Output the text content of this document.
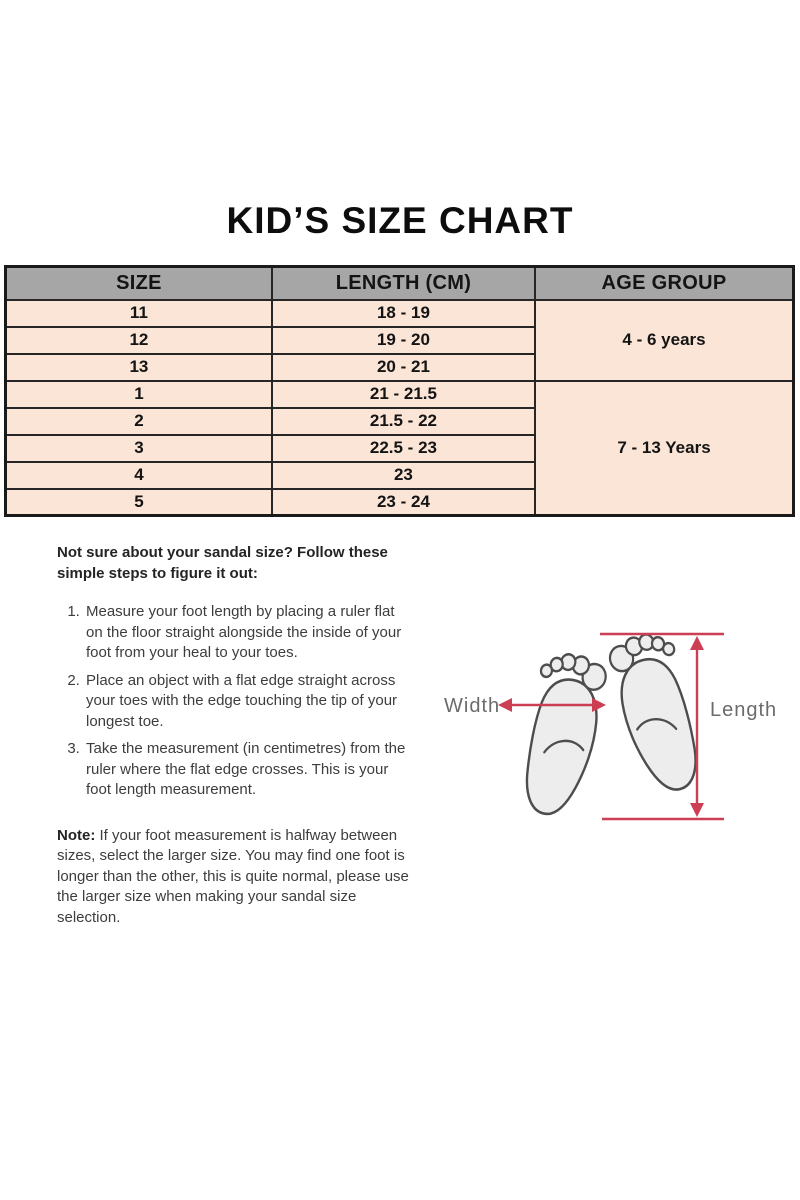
KID’S SIZE CHART
SIZE	LENGTH (CM)	AGE GROUP
11	18 - 19	4 - 6 years
12	19 - 20	
13	20 - 21	
1	21 - 21.5	7 - 13 Years
2	21.5 - 22	
3	22.5 - 23	
4	23	
5	23 - 24	

Not sure about your sandal size? Follow these simple steps to figure it out:

1. Measure your foot length by placing a ruler flat on the floor straight alongside the inside of your foot from your heal to your toes.
2. Place an object with a flat edge straight across your toes with the edge touching the tip of your longest toe.
3. Take the measurement (in centimetres) from the ruler where the flat edge crosses. This is your foot length measurement.

Note: If your foot measurement is halfway between sizes, select the larger size. You may find one foot is longer than the other, this is quite normal, please use the larger size when making your sandal size selection.

Width	Length
